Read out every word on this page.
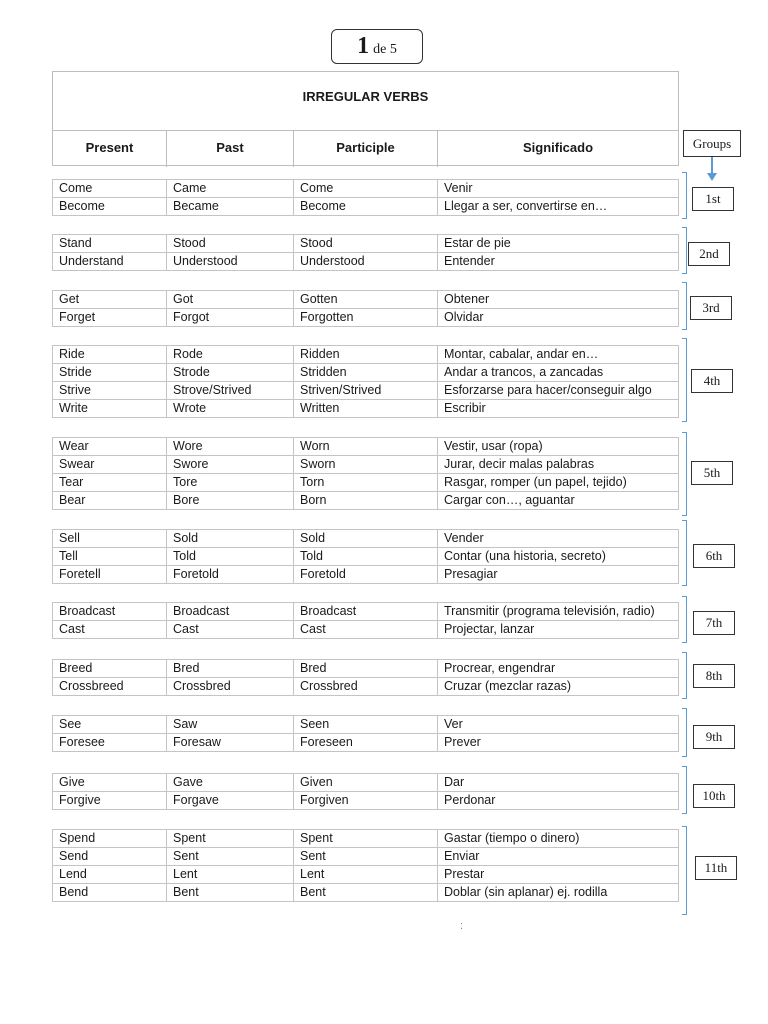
1 de 5
IRREGULAR VERBS
Present	Past	Participle	Significado	Groups
Come	Came	Come	Venir
Become	Became	Become	Llegar a ser, convertirse en…	1st
Stand	Stood	Stood	Estar de pie
Understand	Understood	Understood	Entender	2nd
Get	Got	Gotten	Obtener
Forget	Forgot	Forgotten	Olvidar
3rd
Ride	Rode	Ridden	Montar, cabalar, andar en…
Stride	Strode	Stridden	Andar a trancos, a zancadas
Strive	Strove/Strived	Striven/Strived	Esforzarse para hacer/conseguir algo
Write	Wrote	Written	Escribir
4th
Wear	Wore	Worn	Vestir, usar (ropa)
Swear	Swore	Sworn	Jurar, decir malas palabras
Tear	Tore	Torn	Rasgar, romper (un papel, tejido)
Bear	Bore	Born	Cargar con…, aguantar
5th
Sell	Sold	Sold	Vender
Tell	Told	Told	Contar (una historia, secreto)
Foretell	Foretold	Foretold	Presagiar
6th
Broadcast	Broadcast	Broadcast	Transmitir (programa televisión, radio)
Cast	Cast	Cast	Projectar, lanzar	7th
Breed	Bred	Bred	Procrear, engendrar
Crossbreed	Crossbred	Crossbred	Cruzar (mezclar razas)
8th
See	Saw	Seen	Ver
Foresee	Foresaw	Foreseen	Prever	9th
Give	Gave	Given	Dar
Forgive	Forgave	Forgiven	Perdonar	10th
Spend	Spent	Spent	Gastar (tiempo o dinero)
Send	Sent	Sent	Enviar
Lend	Lent	Lent	Prestar
Bend	Bent	Bent	Doblar (sin aplanar) ej. rodilla
11th
:
